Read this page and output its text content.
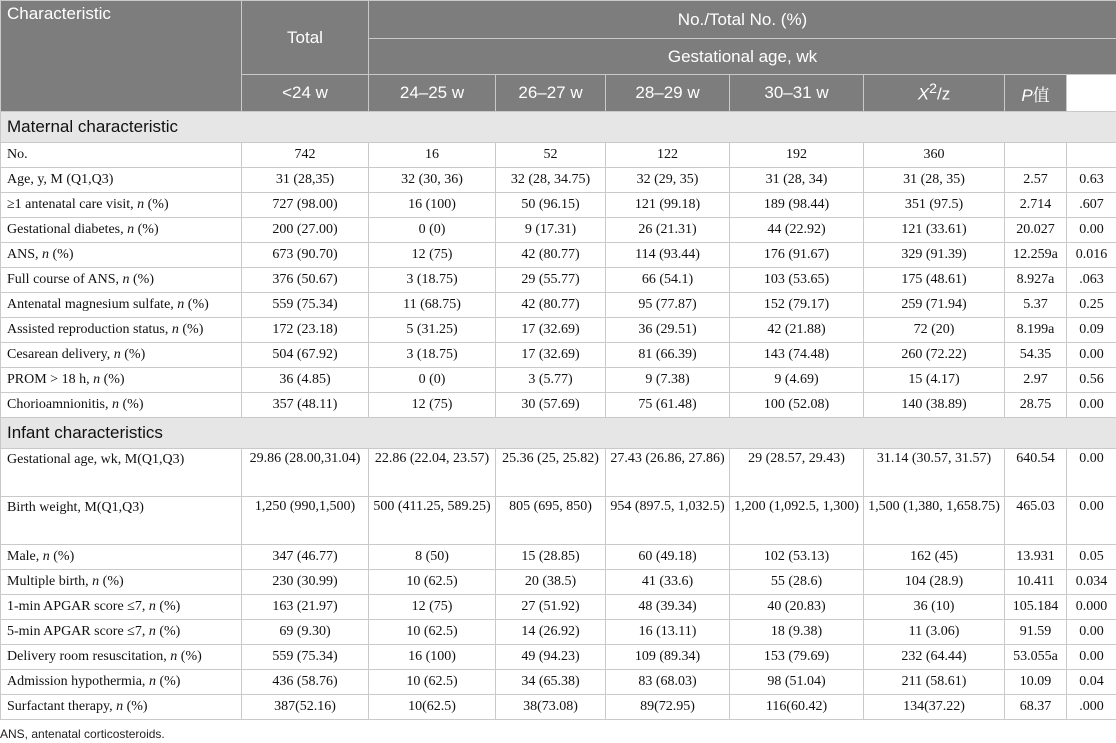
Characteristic	Total	No./Total No. (%)						
		Gestational age, wk						
	<24 w	24–25 w	26–27 w	28–29 w	30–31 w	$X^2/z$	P值	
Maternal characteristic								
No.	742	16	52	122	192	360		
Age, y, M (Q1,Q3)	31 (28,35)	32 (30, 36)	32 (28, 34.75)	32 (29, 35)	31 (28, 34)	31 (28, 35)	2.57	0.63
≥1 antenatal care visit, n (%)	727 (98.00)	16 (100)	50 (96.15)	121 (99.18)	189 (98.44)	351 (97.5)	2.714	.607
Gestational diabetes, n (%)	200 (27.00)	0 (0)	9 (17.31)	26 (21.31)	44 (22.92)	121 (33.61)	20.027	0.00
ANS, n (%)	673 (90.70)	12 (75)	42 (80.77)	114 (93.44)	176 (91.67)	329 (91.39)	12.259a	0.016
Full course of ANS, n (%)	376 (50.67)	3 (18.75)	29 (55.77)	66 (54.1)	103 (53.65)	175 (48.61)	8.927a	.063
Antenatal magnesium sulfate, n (%)	559 (75.34)	11 (68.75)	42 (80.77)	95 (77.87)	152 (79.17)	259 (71.94)	5.37	0.25
Assisted reproduction status, n (%)	172 (23.18)	5 (31.25)	17 (32.69)	36 (29.51)	42 (21.88)	72 (20)	8.199a	0.09
Cesarean delivery, n (%)	504 (67.92)	3 (18.75)	17 (32.69)	81 (66.39)	143 (74.48)	260 (72.22)	54.35	0.00
PROM > 18 h, n (%)	36 (4.85)	0 (0)	3 (5.77)	9 (7.38)	9 (4.69)	15 (4.17)	2.97	0.56
Chorioamnionitis, n (%)	357 (48.11)	12 (75)	30 (57.69)	75 (61.48)	100 (52.08)	140 (38.89)	28.75	0.00
Infant characteristics								
Gestational age, wk, M(Q1,Q3)	29.86 (28.00,31.04)	22.86 (22.04, 23.57)	25.36 (25, 25.82)	27.43 (26.86, 27.86)	29 (28.57, 29.43)	31.14 (30.57, 31.57)	640.54	0.00
Birth weight, M(Q1,Q3)	1,250 (990,1,500)	500 (411.25, 589.25)	805 (695, 850)	954 (897.5, 1,032.5)	1,200 (1,092.5, 1,300)	1,500 (1,380, 1,658.75)	465.03	0.00
Male, n (%)	347 (46.77)	8 (50)	15 (28.85)	60 (49.18)	102 (53.13)	162 (45)	13.931	0.05
Multiple birth, n (%)	230 (30.99)	10 (62.5)	20 (38.5)	41 (33.6)	55 (28.6)	104 (28.9)	10.411	0.034
1-min APGAR score ≤7, n (%)	163 (21.97)	12 (75)	27 (51.92)	48 (39.34)	40 (20.83)	36 (10)	105.184	0.000
5-min APGAR score ≤7, n (%)	69 (9.30)	10 (62.5)	14 (26.92)	16 (13.11)	18 (9.38)	11 (3.06)	91.59	0.00
Delivery room resuscitation, n (%)	559 (75.34)	16 (100)	49 (94.23)	109 (89.34)	153 (79.69)	232 (64.44)	53.055a	0.00
Admission hypothermia, n (%)	436 (58.76)	10 (62.5)	34 (65.38)	83 (68.03)	98 (51.04)	211 (58.61)	10.09	0.04
Surfactant therapy, n (%)	387(52.16)	10(62.5)	38(73.08)	89(72.95)	116(60.42)	134(37.22)	68.37	.000
ANS, antenatal corticosteroids.
